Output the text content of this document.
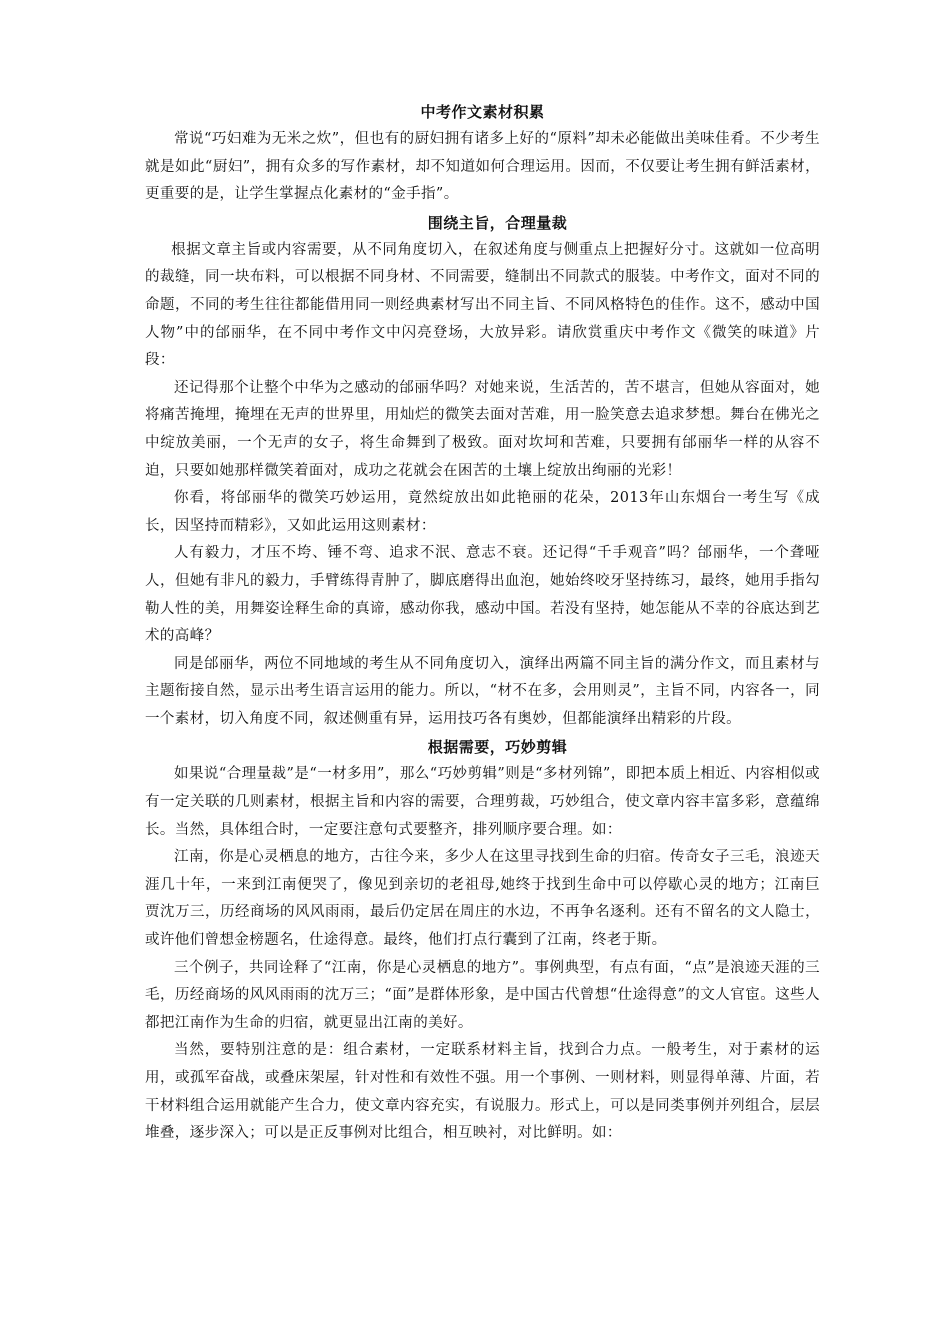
中考作文素材积累

常说“巧妇难为无米之炊”，但也有的厨妇拥有诸多上好的“原料”却未必能做出美味佳肴。不少考生就是如此“厨妇”，拥有众多的写作素材，却不知道如何合理运用。因而，不仅要让考生拥有鲜活素材，更重要的是，让学生掌握点化素材的“金手指”。

围绕主旨，合理量裁

根据文章主旨或内容需要，从不同角度切入，在叙述角度与侧重点上把握好分寸。这就如一位高明的裁缝，同一块布料，可以根据不同身材、不同需要，缝制出不同款式的服装。中考作文，面对不同的命题，不同的考生往往都能借用同一则经典素材写出不同主旨、不同风格特色的佳作。这不，感动中国人物”中的邰丽华，在不同中考作文中闪亮登场，大放异彩。请欣赏重庆中考作文《微笑的味道》片段：

还记得那个让整个中华为之感动的邰丽华吗？对她来说，生活苦的，苦不堪言，但她从容面对，她将痛苦掩埋，掩埋在无声的世界里，用灿烂的微笑去面对苦难，用一脸笑意去追求梦想。舞台在佛光之中绽放美丽，一个无声的女子，将生命舞到了极致。面对坎坷和苦难，只要拥有邰丽华一样的从容不迫，只要如她那样微笑着面对，成功之花就会在困苦的土壤上绽放出绚丽的光彩！

你看，将邰丽华的微笑巧妙运用，竟然绽放出如此艳丽的花朵，2013年山东烟台一考生写《成长，因坚持而精彩》，又如此运用这则素材：

人有毅力，才压不垮、锤不弯、追求不泯、意志不衰。还记得“千手观音”吗？邰丽华，一个聋哑人，但她有非凡的毅力，手臂练得青肿了，脚底磨得出血泡，她始终咬牙坚持练习，最终，她用手指勾勒人性的美，用舞姿诠释生命的真谛，感动你我，感动中国。若没有坚持，她怎能从不幸的谷底达到艺术的高峰？

同是邰丽华，两位不同地域的考生从不同角度切入，演绎出两篇不同主旨的满分作文，而且素材与主题衔接自然，显示出考生语言运用的能力。所以，“材不在多，会用则灵”，主旨不同，内容各一，同一个素材，切入角度不同，叙述侧重有异，运用技巧各有奥妙，但都能演绎出精彩的片段。

根据需要，巧妙剪辑

如果说“合理量裁”是“一材多用”，那么“巧妙剪辑”则是“多材列锦”，即把本质上相近、内容相似或有一定关联的几则素材，根据主旨和内容的需要，合理剪裁，巧妙组合，使文章内容丰富多彩，意蕴绵长。当然，具体组合时，一定要注意句式要整齐，排列顺序要合理。如：

江南，你是心灵栖息的地方，古往今来，多少人在这里寻找到生命的归宿。传奇女子三毛，浪迹天涯几十年，一来到江南便哭了，像见到亲切的老祖母,她终于找到生命中可以停歇心灵的地方；江南巨贾沈万三，历经商场的风风雨雨，最后仍定居在周庄的水边，不再争名逐利。还有不留名的文人隐士，或许他们曾想金榜题名，仕途得意。最终，他们打点行囊到了江南，终老于斯。

三个例子，共同诠释了“江南，你是心灵栖息的地方”。事例典型，有点有面，“点”是浪迹天涯的三毛，历经商场的风风雨雨的沈万三；“面”是群体形象，是中国古代曾想“仕途得意”的文人官宦。这些人都把江南作为生命的归宿，就更显出江南的美好。

当然，要特别注意的是：组合素材，一定联系材料主旨，找到合力点。一般考生，对于素材的运用，或孤军奋战，或叠床架屋，针对性和有效性不强。用一个事例、一则材料，则显得单薄、片面，若干材料组合运用就能产生合力，使文章内容充实，有说服力。形式上，可以是同类事例并列组合，层层堆叠，逐步深入；可以是正反事例对比组合，相互映衬，对比鲜明。如：
